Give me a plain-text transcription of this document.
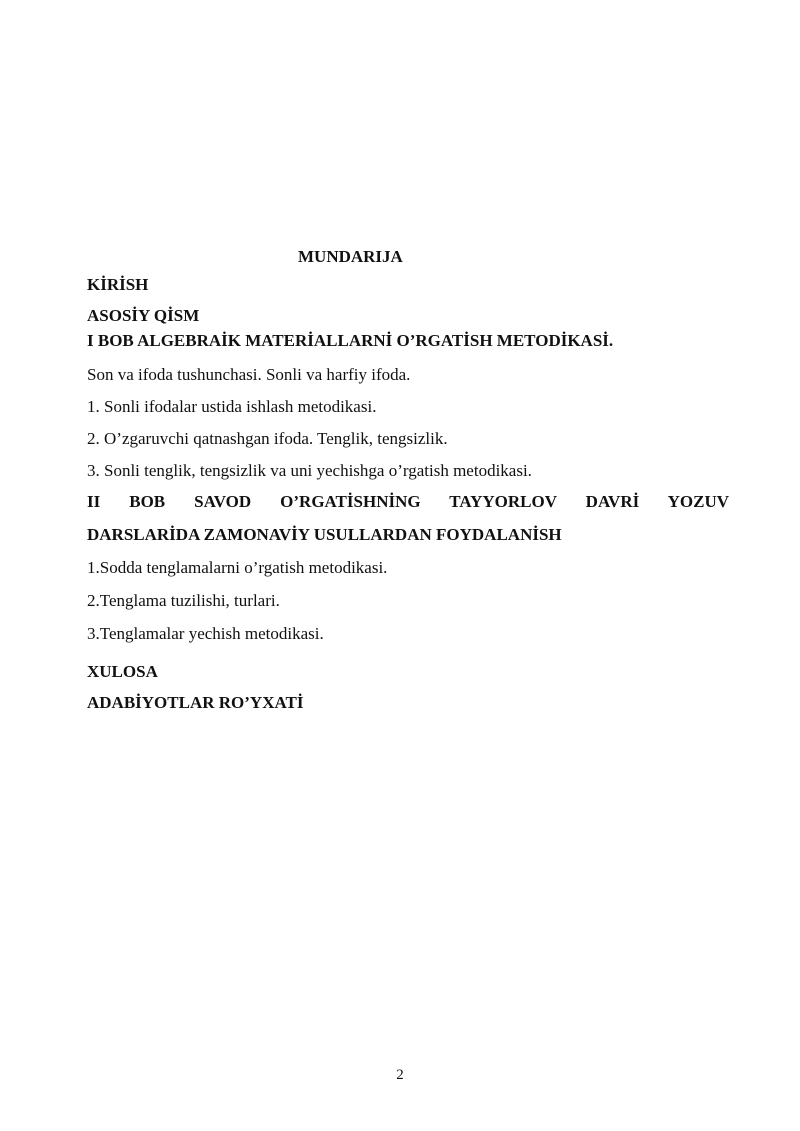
MUNDARIJA
KİRİSH
ASOSİY QİSM
I BOB ALGEBRAİK MATERİALLARNİ O’RGATİSH METODİKASİ.
Son va ifoda tushunchasi. Sonli va harfiy ifoda.
1. Sonli ifodalar ustida ishlash metodikasi.
2. O’zgaruvchi qatnashgan ifoda. Tenglik, tengsizlik.
3. Sonli tenglik, tengsizlik va uni yechishga o’rgatish metodikasi.
II BOB SAVOD O’RGATİSHNİNG TAYYORLOV DAVRİ YOZUV
DARSLARİDA ZAMONAVİY USULLARDAN FOYDALANİSH
1.Sodda tenglamalarni o’rgatish metodikasi.
2.Tenglama tuzilishi, turlari.
3.Tenglamalar yechish metodikasi.
XULOSA
ADABİYOTLAR RO’YXATİ
2
